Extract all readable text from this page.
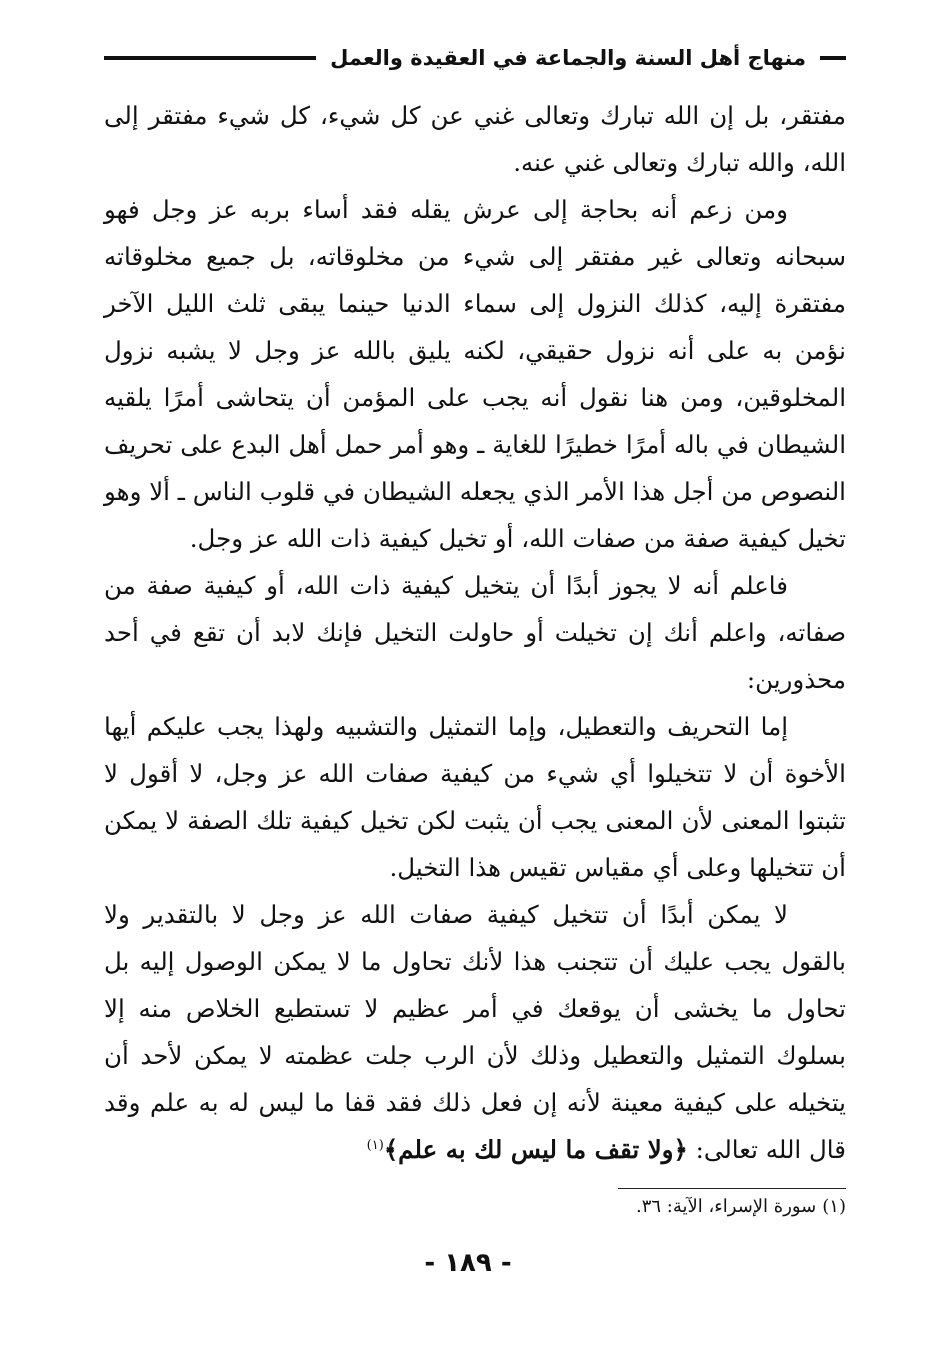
منهاج أهل السنة والجماعة في العقيدة والعمل

مفتقر، بل إن الله تبارك وتعالى غني عن كل شيء، كل شيء مفتقر إلى الله، والله تبارك وتعالى غني عنه.

ومن زعم أنه بحاجة إلى عرش يقله فقد أساء بربه عز وجل فهو سبحانه وتعالى غير مفتقر إلى شيء من مخلوقاته، بل جميع مخلوقاته مفتقرة إليه، كذلك النزول إلى سماء الدنيا حينما يبقى ثلث الليل الآخر نؤمن به على أنه نزول حقيقي، لكنه يليق بالله عز وجل لا يشبه نزول المخلوقين، ومن هنا نقول أنه يجب على المؤمن أن يتحاشى أمرًا يلقيه الشيطان في باله أمرًا خطيرًا للغاية ـ وهو أمر حمل أهل البدع على تحريف النصوص من أجل هذا الأمر الذي يجعله الشيطان في قلوب الناس ـ ألا وهو تخيل كيفية صفة من صفات الله، أو تخيل كيفية ذات الله عز وجل.

فاعلم أنه لا يجوز أبدًا أن يتخيل كيفية ذات الله، أو كيفية صفة من صفاته، واعلم أنك إن تخيلت أو حاولت التخيل فإنك لابد أن تقع في أحد محذورين:

إما التحريف والتعطيل، وإما التمثيل والتشبيه ولهذا يجب عليكم أيها الأخوة أن لا تتخيلوا أي شيء من كيفية صفات الله عز وجل، لا أقول لا تثبتوا المعنى لأن المعنى يجب أن يثبت لكن تخيل كيفية تلك الصفة لا يمكن أن تتخيلها وعلى أي مقياس تقيس هذا التخيل.

لا يمكن أبدًا أن تتخيل كيفية صفات الله عز وجل لا بالتقدير ولا بالقول يجب عليك أن تتجنب هذا لأنك تحاول ما لا يمكن الوصول إليه بل تحاول ما يخشى أن يوقعك في أمر عظيم لا تستطيع الخلاص منه إلا بسلوك التمثيل والتعطيل وذلك لأن الرب جلت عظمته لا يمكن لأحد أن يتخيله على كيفية معينة لأنه إن فعل ذلك فقد قفا ما ليس له به علم وقد قال الله تعالى: ﴿ولا تقف ما ليس لك به علم﴾$^{(١)}$

(١)سورة الإسراء، الآية: ٣٦.
- ١٨٩ -
